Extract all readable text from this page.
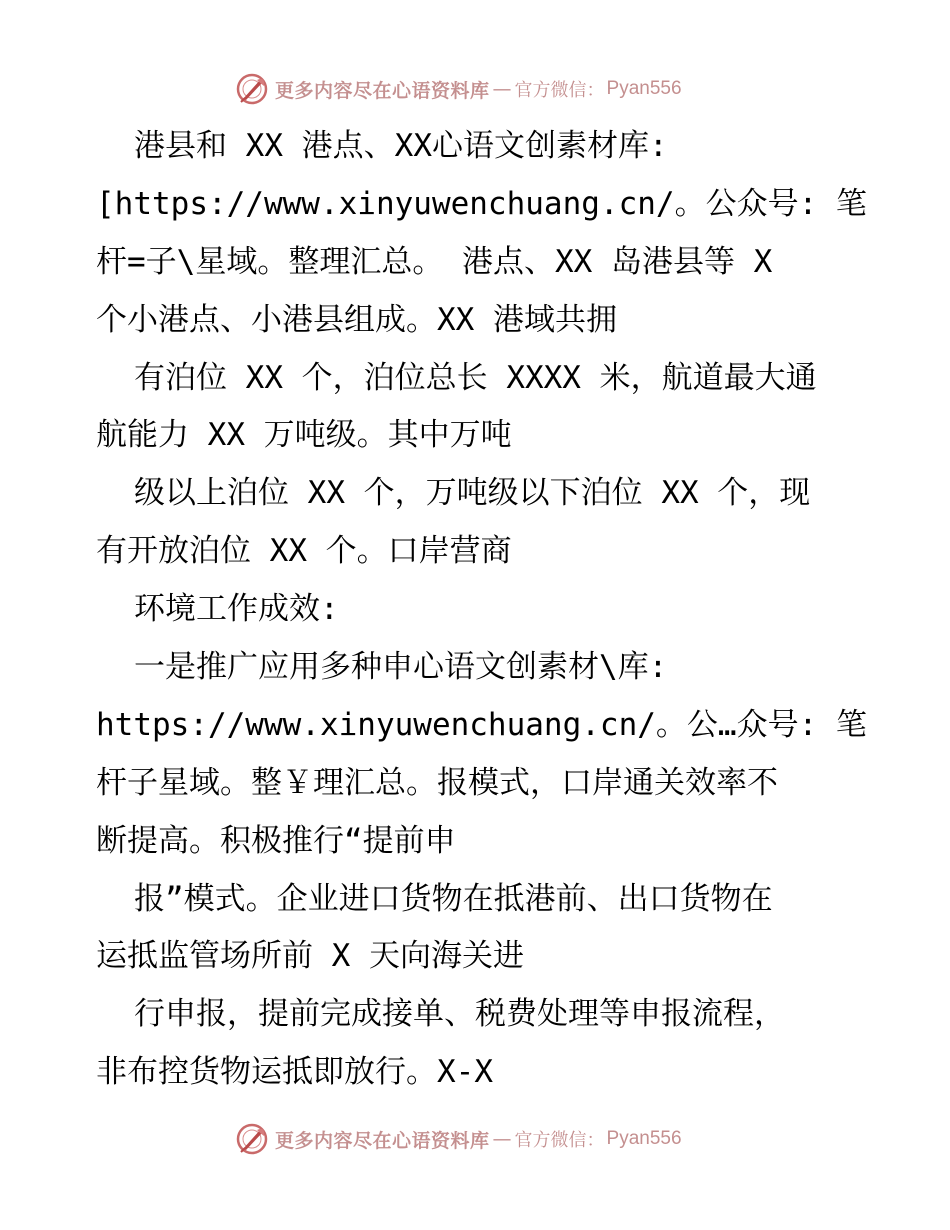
更多内容尽在心语资料库 — 官方微信： Pyan556
港县和 XX 港点、XX心语文创素材库:
[https://www.xinyuwenchuang.cn/。公众号: 笔
杆=子\星域。整理汇总。 港点、XX 岛港县等 X
个小港点、小港县组成。XX 港域共拥
有泊位 XX 个，泊位总长 XXXX 米，航道最大通
航能力 XX 万吨级。其中万吨
级以上泊位 XX 个，万吨级以下泊位 XX 个，现
有开放泊位 XX 个。口岸营商
环境工作成效:
一是推广应用多种申心语文创素材\库:
https://www.xinyuwenchuang.cn/。公…众号: 笔
杆子星域。整￥理汇总。报模式，口岸通关效率不
断提高。积极推行“提前申
报”模式。企业进口货物在抵港前、出口货物在
运抵监管场所前 X 天向海关进
行申报，提前完成接单、税费处理等申报流程，
非布控货物运抵即放行。X-X
更多内容尽在心语资料库 — 官方微信： Pyan556
